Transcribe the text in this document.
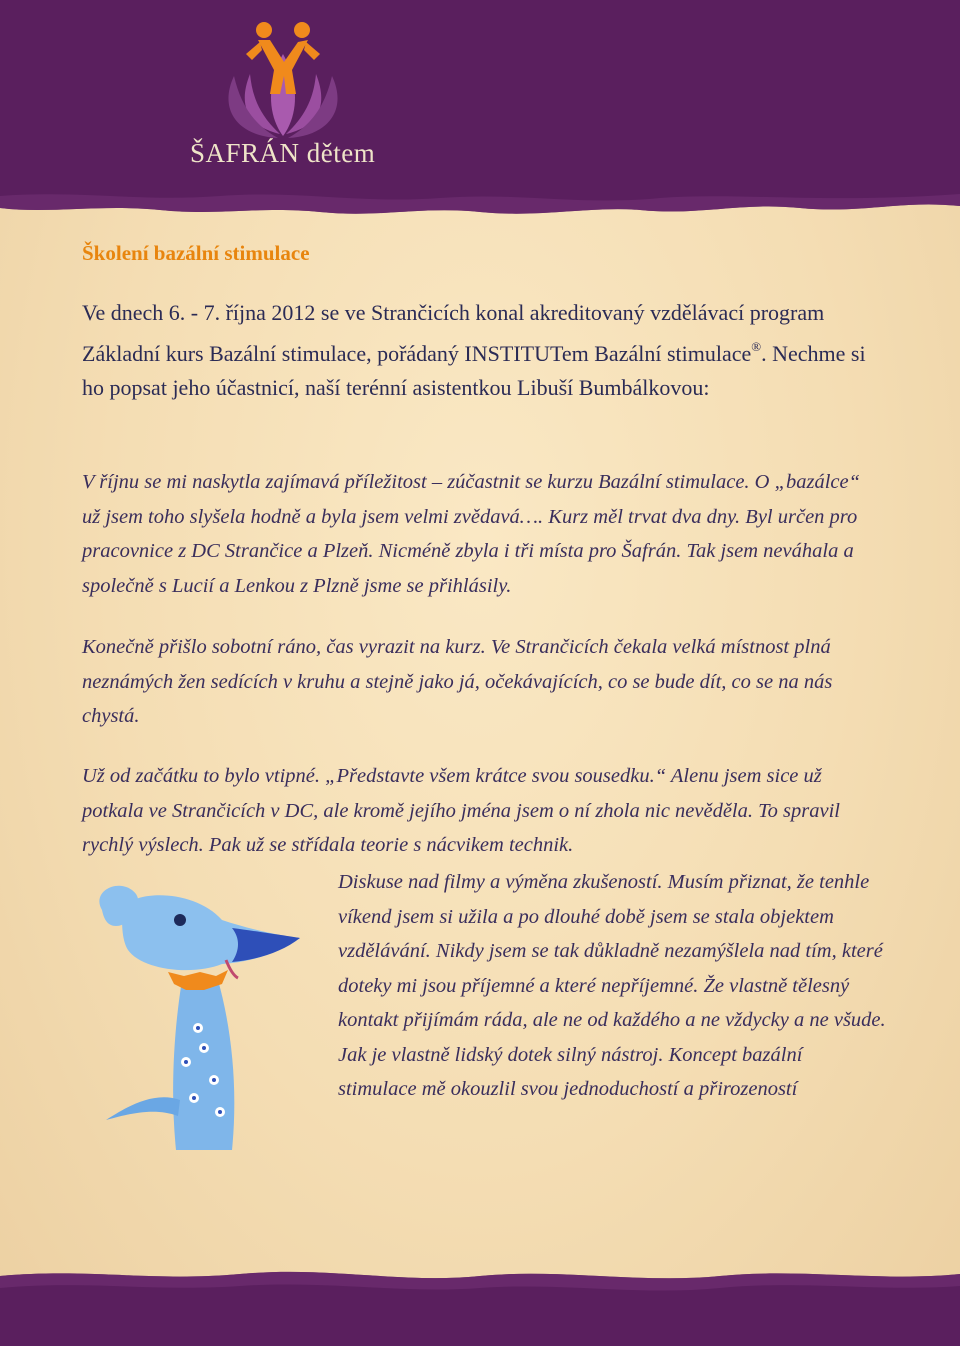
ŠAFRÁN dětem
Školení bazální stimulace

Ve dnech 6. - 7. října 2012 se ve Strančicích konal akreditovaný vzdělávací program Základní kurs Bazální stimulace, pořádaný INSTITUTem Bazální stimulace®. Nechme si ho popsat jeho účastnicí, naší terénní asistentkou Libuší Bumbálkovou:

V říjnu se mi naskytla zajímavá příležitost – zúčastnit se kurzu Bazální stimulace. O „bazálce“ už jsem toho slyšela hodně a byla jsem velmi zvědavá…. Kurz měl trvat dva dny. Byl určen pro pracovnice z DC Strančice a Plzeň. Nicméně zbyla i tři místa pro Šafrán. Tak jsem neváhala a společně s Lucií a Lenkou z Plzně jsme se přihlásily.

Konečně přišlo sobotní ráno, čas vyrazit na kurz. Ve Strančicích čekala velká místnost plná neznámých žen sedících v kruhu a stejně jako já, očekávajících, co se bude dít, co se na nás chystá.

Už od začátku to bylo vtipné. „Představte všem krátce svou sousedku.“ Alenu jsem sice už potkala ve Strančicích v DC, ale kromě jejího jména jsem o ní zhola nic nevěděla. To spravil rychlý výslech. Pak už se střídala teorie s nácvikem technik.

Diskuse nad filmy a výměna zkušeností. Musím přiznat, že tenhle víkend jsem si užila a po dlouhé době jsem se stala objektem vzdělávání. Nikdy jsem se tak důkladně nezamýšlela nad tím, které doteky mi jsou příjemné a které nepříjemné. Že vlastně tělesný kontakt přijímám ráda, ale ne od každého a ne vždycky a ne všude. Jak je vlastně lidský dotek silný nástroj. Koncept bazální stimulace mě okouzlil svou jednoduchostí a přirozeností
